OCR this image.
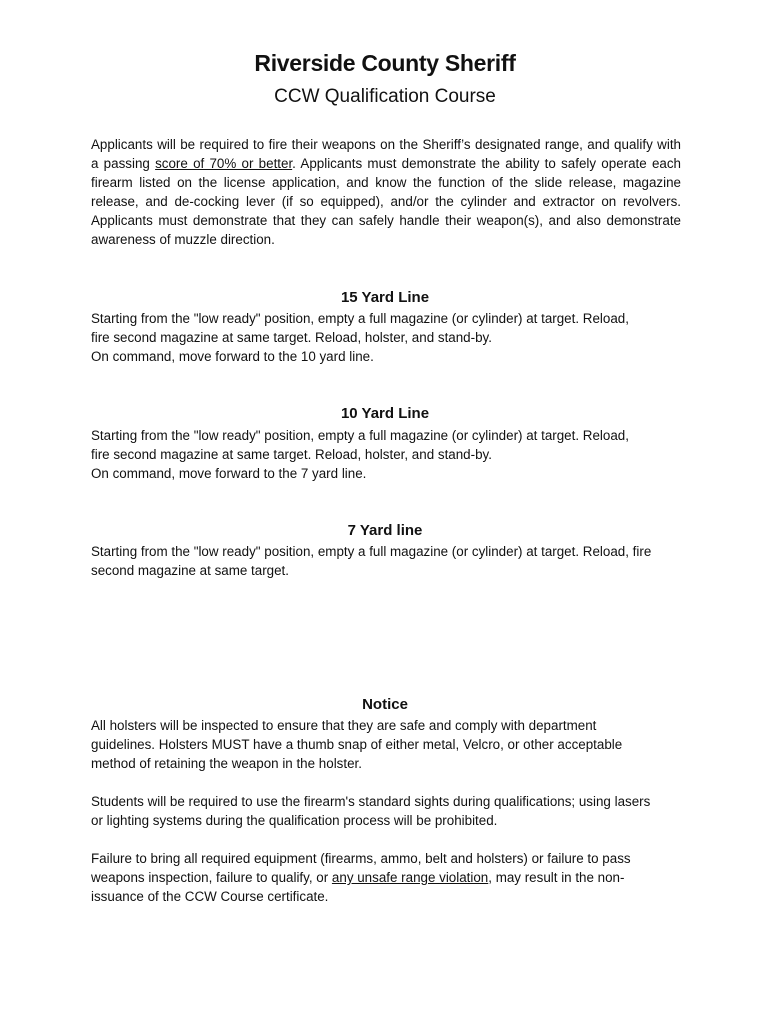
Riverside County Sheriff
CCW Qualification Course

Applicants will be required to fire their weapons on the Sheriff’s designated range, and qualify with a passing score of 70% or better. Applicants must demonstrate the ability to safely operate each firearm listed on the license application, and know the function of the slide release, magazine release, and de-cocking lever (if so equipped), and/or the cylinder and extractor on revolvers. Applicants must demonstrate that they can safely handle their weapon(s), and also demonstrate awareness of muzzle direction.

15 Yard Line
Starting from the "low ready" position, empty a full magazine (or cylinder) at target. Reload,
fire second magazine at same target. Reload, holster, and stand-by.
On command, move forward to the 10 yard line.
10 Yard Line
Starting from the "low ready" position, empty a full magazine (or cylinder) at target. Reload,
fire second magazine at same target. Reload, holster, and stand-by.
On command, move forward to the 7 yard line.
7 Yard line
Starting from the "low ready" position, empty a full magazine (or cylinder) at target. Reload, fire
second magazine at same target.
Notice
All holsters will be inspected to ensure that they are safe and comply with department
guidelines. Holsters MUST have a thumb snap of either metal, Velcro, or other acceptable
method of retaining the weapon in the holster.
Students will be required to use the firearm's standard sights during qualifications; using lasers
or lighting systems during the qualification process will be prohibited.
Failure to bring all required equipment (firearms, ammo, belt and holsters) or failure to pass
weapons inspection, failure to qualify, or any unsafe range violation, may result in the non-
issuance of the CCW Course certificate.
